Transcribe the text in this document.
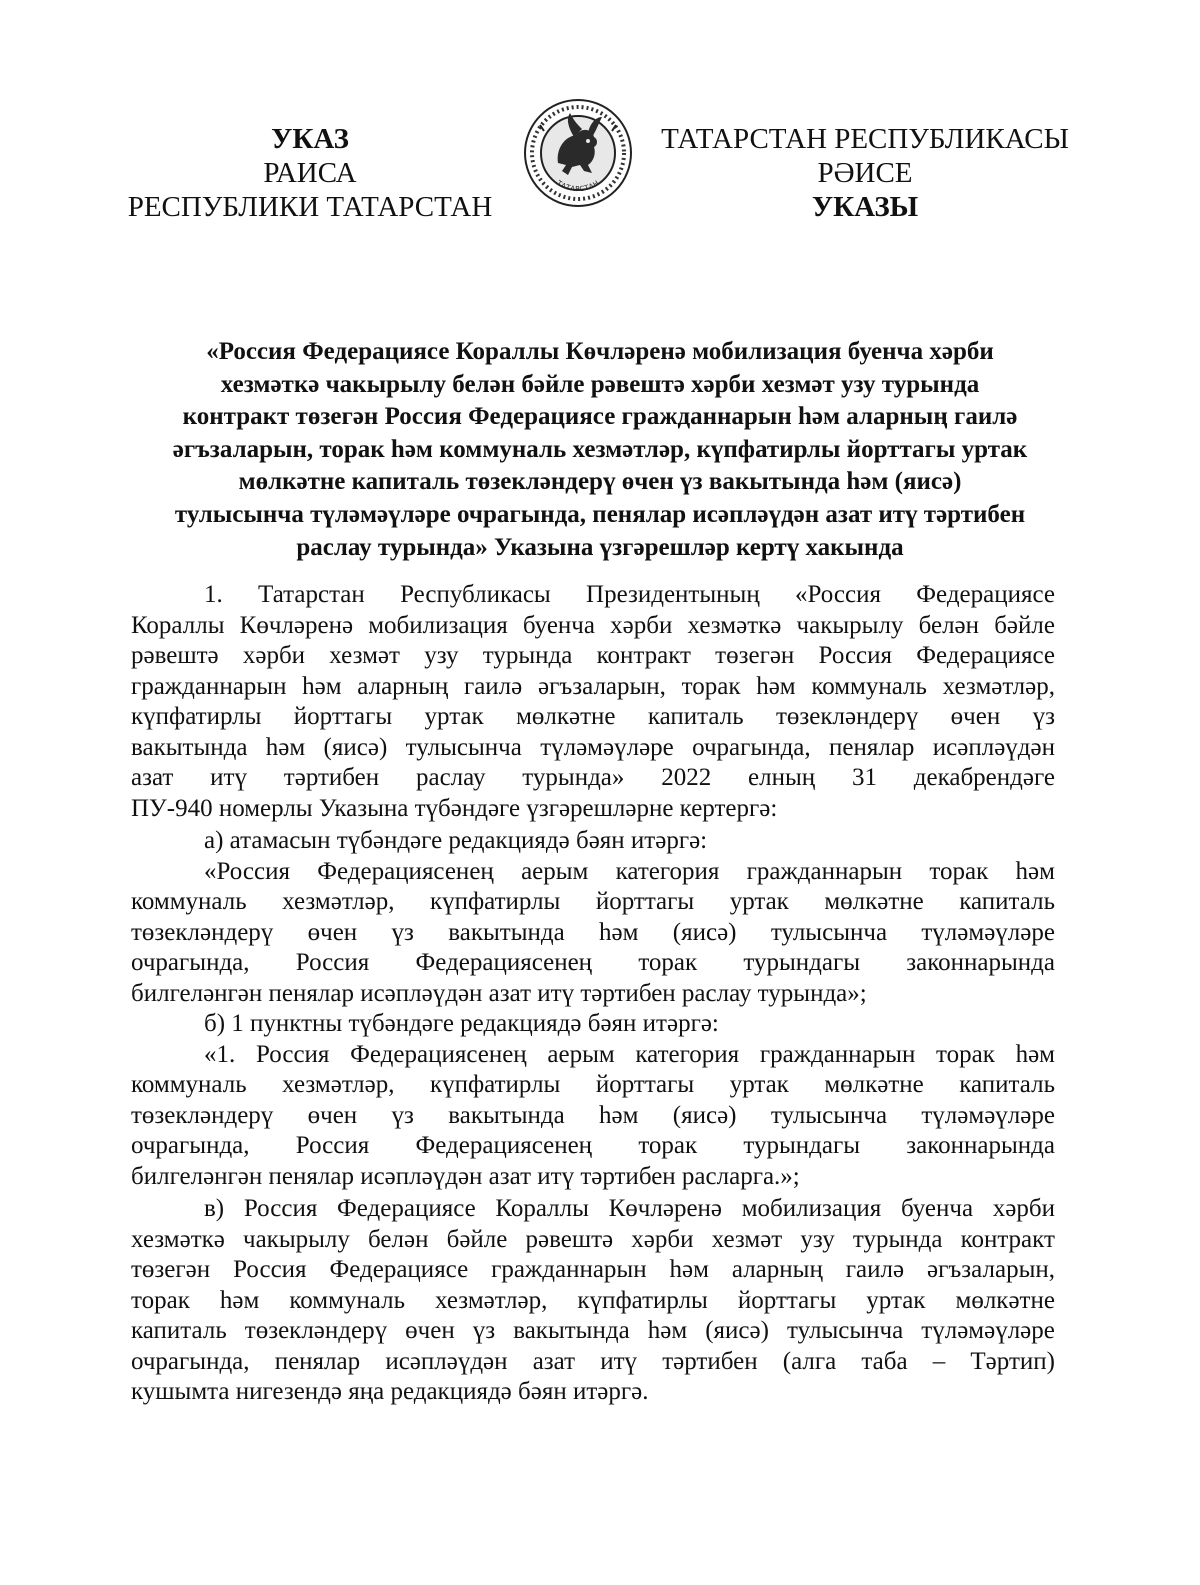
УКАЗ
РАИСА
РЕСПУБЛИКИ ТАТАРСТАН
ТАТАРСТАН
ТАТАРСТАН РЕСПУБЛИКАСЫ
РӘИСЕ
УКАЗЫ
«Россия Федерациясе Кораллы Көчләренә мобилизация буенча хәрби
хезмәткә чакырылу белән бәйле рәвештә хәрби хезмәт узу турында
контракт төзегән Россия Федерациясе гражданнарын һәм аларның гаилә
әгъзаларын, торак һәм коммуналь хезмәтләр, күпфатирлы йорттагы уртак
мөлкәтне капиталь төзекләндерү өчен үз вакытында һәм (яисә)
тулысынча түләмәүләре очрагында, пенялар исәпләүдән азат итү тәртибен
раслау турында» Указына үзгәрешләр кертү хакында
1. Татарстан Республикасы Президентының «Россия Федерациясе
Кораллы Көчләренә мобилизация буенча хәрби хезмәткә чакырылу белән бәйле
рәвештә хәрби хезмәт узу турында контракт төзегән Россия Федерациясе
гражданнарын һәм аларның гаилә әгъзаларын, торак һәм коммуналь хезмәтләр,
күпфатирлы йорттагы уртак мөлкәтне капиталь төзекләндерү өчен үз
вакытында һәм (яисә) тулысынча түләмәүләре очрагында, пенялар исәпләүдән
азат итү тәртибен раслау турында» 2022 елның 31 декабрендәге
ПУ-940 номерлы Указына түбәндәге үзгәрешләрне кертергә:
а) атамасын түбәндәге редакциядә бәян итәргә:
«Россия Федерациясенең аерым категория гражданнарын торак һәм
коммуналь хезмәтләр, күпфатирлы йорттагы уртак мөлкәтне капиталь
төзекләндерү өчен үз вакытында һәм (яисә) тулысынча түләмәүләре
очрагында, Россия Федерациясенең торак турындагы законнарында
билгеләнгән пенялар исәпләүдән азат итү тәртибен раслау турында»;
б) 1 пунктны түбәндәге редакциядә бәян итәргә:
«1. Россия Федерациясенең аерым категория гражданнарын торак һәм
коммуналь хезмәтләр, күпфатирлы йорттагы уртак мөлкәтне капиталь
төзекләндерү өчен үз вакытында һәм (яисә) тулысынча түләмәүләре
очрагында, Россия Федерациясенең торак турындагы законнарында
билгеләнгән пенялар исәпләүдән азат итү тәртибен расларга.»;
в) Россия Федерациясе Кораллы Көчләренә мобилизация буенча хәрби
хезмәткә чакырылу белән бәйле рәвештә хәрби хезмәт узу турында контракт
төзегән Россия Федерациясе гражданнарын һәм аларның гаилә әгъзаларын,
торак һәм коммуналь хезмәтләр, күпфатирлы йорттагы уртак мөлкәтне
капиталь төзекләндерү өчен үз вакытында һәм (яисә) тулысынча түләмәүләре
очрагында, пенялар исәпләүдән азат итү тәртибен (алга таба – Тәртип)
кушымта нигезендә яңа редакциядә бәян итәргә.
